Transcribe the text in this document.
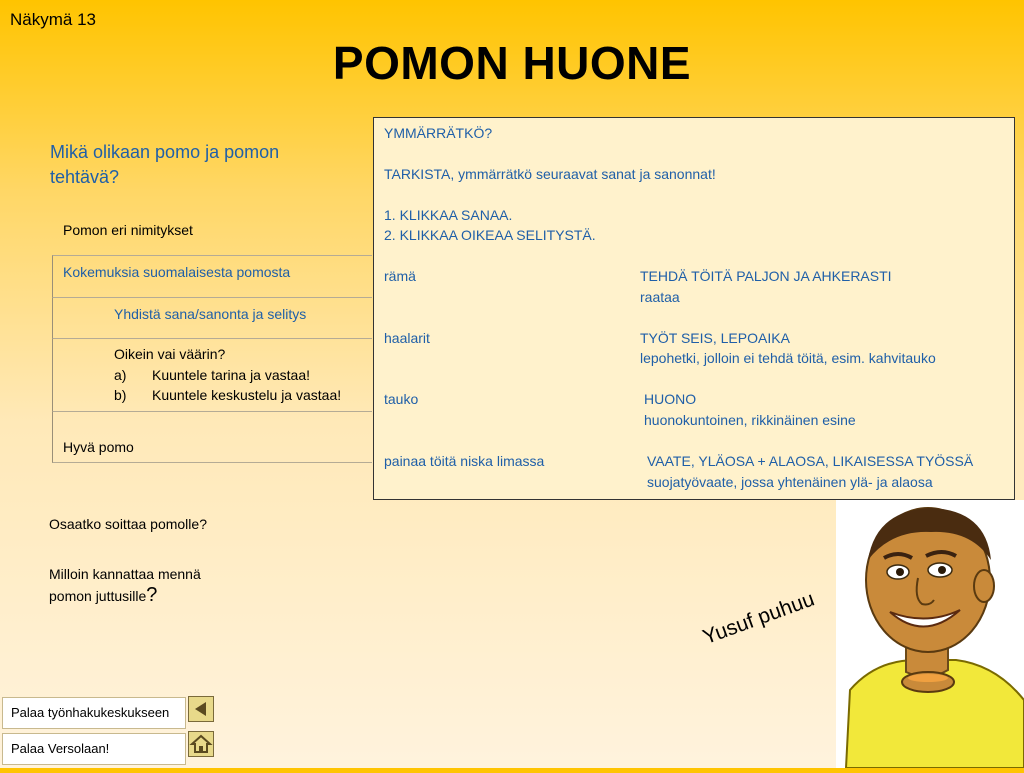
Näkymä 13
POMON HUONE
Mikä olikaan pomo ja pomon tehtävä?
Pomon eri nimitykset
Kokemuksia suomalaisesta pomosta
Yhdistä sana/sanonta ja selitys
Oikein vai väärin?
a) Kuuntele tarina ja vastaa!
b) Kuuntele keskustelu ja vastaa!
Hyvä pomo
Osaatko soittaa pomolle?
Milloin kannattaa mennä
pomon juttusille?
YMMÄRRÄTKÖ?
TARKISTA, ymmärrätkö seuraavat sanat ja sanonnat!
1. KLIKKAA SANAA.
2. KLIKKAA OIKEAA SELITYSTÄ.
rämä	TEHDÄ TÖITÄ PALJON JA AHKERASTI
raataa
haalarit	TYÖT SEIS, LEPOAIKA
lepohetki, jolloin ei tehdä töitä, esim. kahvitauko
tauko	HUONO
huonokuntoinen, rikkinäinen esine
painaa töitä niska limassa	VAATE, YLÄOSA + ALAOSA, LIKAISESSA TYÖSSÄ
suojatyövaate, jossa yhtenäinen ylä- ja alaosa
Yusuf puhuu
Palaa työnhakukeskukseen
Palaa Versolaan!
